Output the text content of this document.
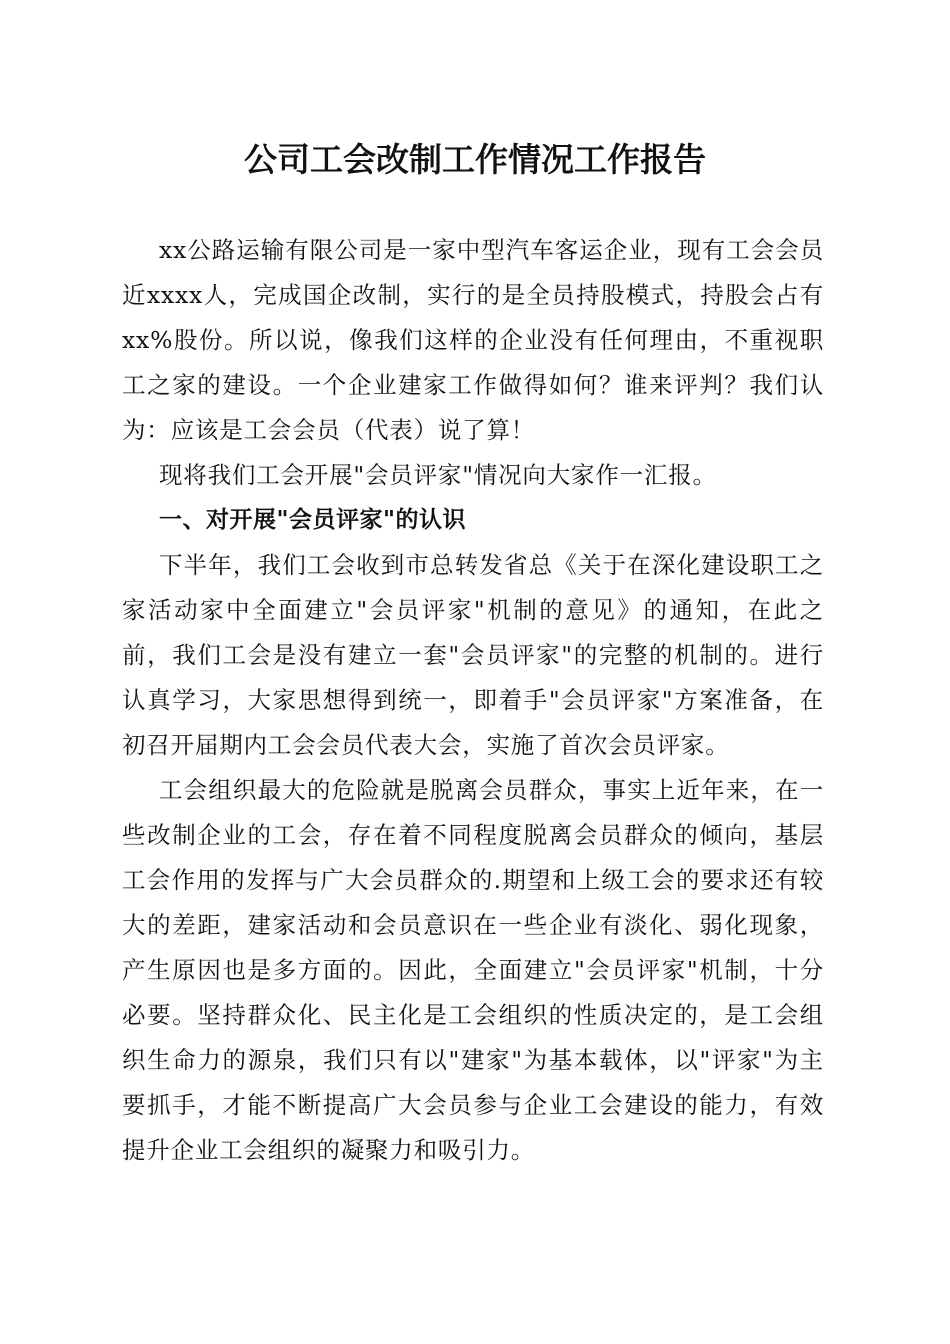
公司工会改制工作情况工作报告

xx公路运输有限公司是一家中型汽车客运企业，现有工会会员近xxxx人，完成国企改制，实行的是全员持股模式，持股会占有xx%股份。所以说，像我们这样的企业没有任何理由，不重视职工之家的建设。一个企业建家工作做得如何？谁来评判？我们认为：应该是工会会员（代表）说了算！

现将我们工会开展"会员评家"情况向大家作一汇报。

一、对开展"会员评家"的认识

下半年，我们工会收到市总转发省总《关于在深化建设职工之家活动家中全面建立"会员评家"机制的意见》的通知，在此之前，我们工会是没有建立一套"会员评家"的完整的机制的。进行认真学习，大家思想得到统一，即着手"会员评家"方案准备，在初召开届期内工会会员代表大会，实施了首次会员评家。

工会组织最大的危险就是脱离会员群众，事实上近年来，在一些改制企业的工会，存在着不同程度脱离会员群众的倾向，基层工会作用的发挥与广大会员群众的.期望和上级工会的要求还有较大的差距，建家活动和会员意识在一些企业有淡化、弱化现象，产生原因也是多方面的。因此，全面建立"会员评家"机制，十分必要。坚持群众化、民主化是工会组织的性质决定的，是工会组织生命力的源泉，我们只有以"建家"为基本载体，以"评家"为主要抓手，才能不断提高广大会员参与企业工会建设的能力，有效提升企业工会组织的凝聚力和吸引力。
